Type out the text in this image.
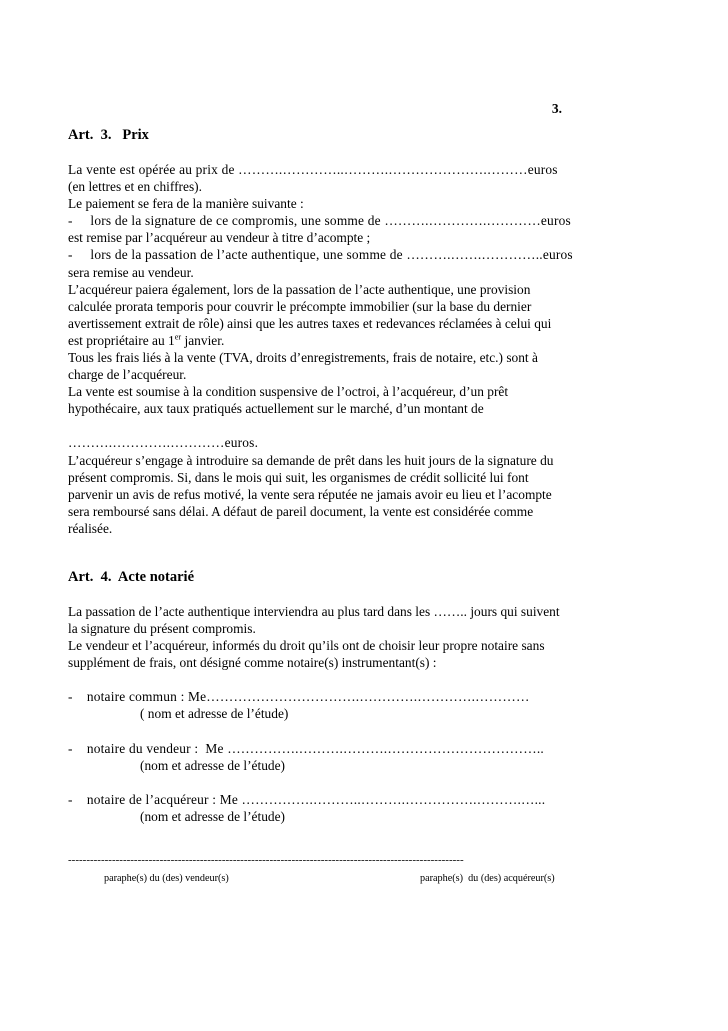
3.
Art.  3.   Prix
La vente est opérée au prix de ……….…………..……….………………….………euros
(en lettres et en chiffres).
Le paiement se fera de la manière suivante :
-     lors de la signature de ce compromis, une somme de ……….………….…………euros
est remise par l’acquéreur au vendeur à titre d’acompte ;
-     lors de la passation de l’acte authentique, une somme de ……….…….…………..euros
sera remise au vendeur.
L’acquéreur paiera également, lors de la passation de l’acte authentique, une provision
calculée prorata temporis pour couvrir le précompte immobilier (sur la base du dernier
avertissement extrait de rôle) ainsi que les autres taxes et redevances réclamées à celui qui
est propriétaire au 1er janvier.
Tous les frais liés à la vente (TVA, droits d’enregistrements, frais de notaire, etc.) sont à
charge de l’acquéreur.
La vente est soumise à la condition suspensive de l’octroi, à l’acquéreur, d’un prêt
hypothécaire, aux taux pratiqués actuellement sur le marché, d’un montant de
……….………….…………euros.
L’acquéreur s’engage à introduire sa demande de prêt dans les huit jours de la signature du
présent compromis. Si, dans le mois qui suit, les organismes de crédit sollicité lui font
parvenir un avis de refus motivé, la vente sera réputée ne jamais avoir eu lieu et l’acompte
sera remboursé sans délai. A défaut de pareil document, la vente est considérée comme
réalisée.
Art.  4.  Acte notarié
La passation de l’acte authentique interviendra au plus tard dans les …….. jours qui suivent
la signature du présent compromis.
Le vendeur et l’acquéreur, informés du droit qu’ils ont de choisir leur propre notaire sans
supplément de frais, ont désigné comme notaire(s) instrumentant(s) :
-    notaire commun : Me…………………………….………….………….…………
( nom et adresse de l’étude)
-    notaire du vendeur :  Me …………….……….……….……………………………..
(nom et adresse de l’étude)
-    notaire de l’acquéreur : Me …………….………..……….…………….……….…...
(nom et adresse de l’étude)
------------------------------------------------------------------------------------------------------------
paraphe(s) du (des) vendeur(s)	paraphe(s)  du (des) acquéreur(s)
